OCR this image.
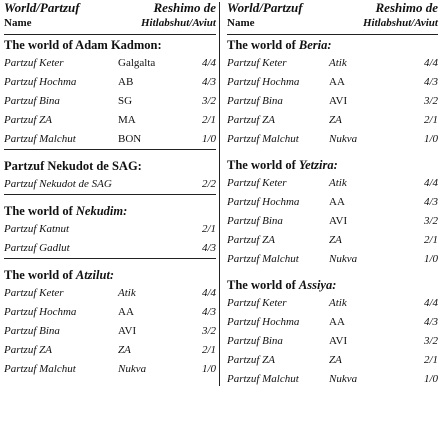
World/Partzuf	Reshimo de
Name	Hitlabshut/Aviut
The world of Adam Kadmon:
Partzuf Keter	Galgalta	4/4
Partzuf Hochma	AB	4/3
Partzuf Bina	SG	3/2
Partzuf ZA	MA	2/1
Partzuf Malchut	BON	1/0
Partzuf Nekudot de SAG:
Partzuf Nekudot de SAG	2/2
The world of Nekudim:
Partzuf Katnut	2/1
Partzuf Gadlut	4/3
The world of Atzilut:
Partzuf Keter	Atik	4/4
Partzuf Hochma	AA	4/3
Partzuf Bina	AVI	3/2
Partzuf ZA	ZA	2/1
Partzuf Malchut	Nukva	1/0
World/Partzuf	Reshimo de
Name	Hitlabshut/Aviut
The world of Beria:
Partzuf Keter	Atik	4/4
Partzuf Hochma	AA	4/3
Partzuf Bina	AVI	3/2
Partzuf ZA	ZA	2/1
Partzuf Malchut	Nukva	1/0
The world of Yetzira:
Partzuf Keter	Atik	4/4
Partzuf Hochma	AA	4/3
Partzuf Bina	AVI	3/2
Partzuf ZA	ZA	2/1
Partzuf Malchut	Nukva	1/0
The world of Assiya:
Partzuf Keter	Atik	4/4
Partzuf Hochma	AA	4/3
Partzuf Bina	AVI	3/2
Partzuf ZA	ZA	2/1
Partzuf Malchut	Nukva	1/0
